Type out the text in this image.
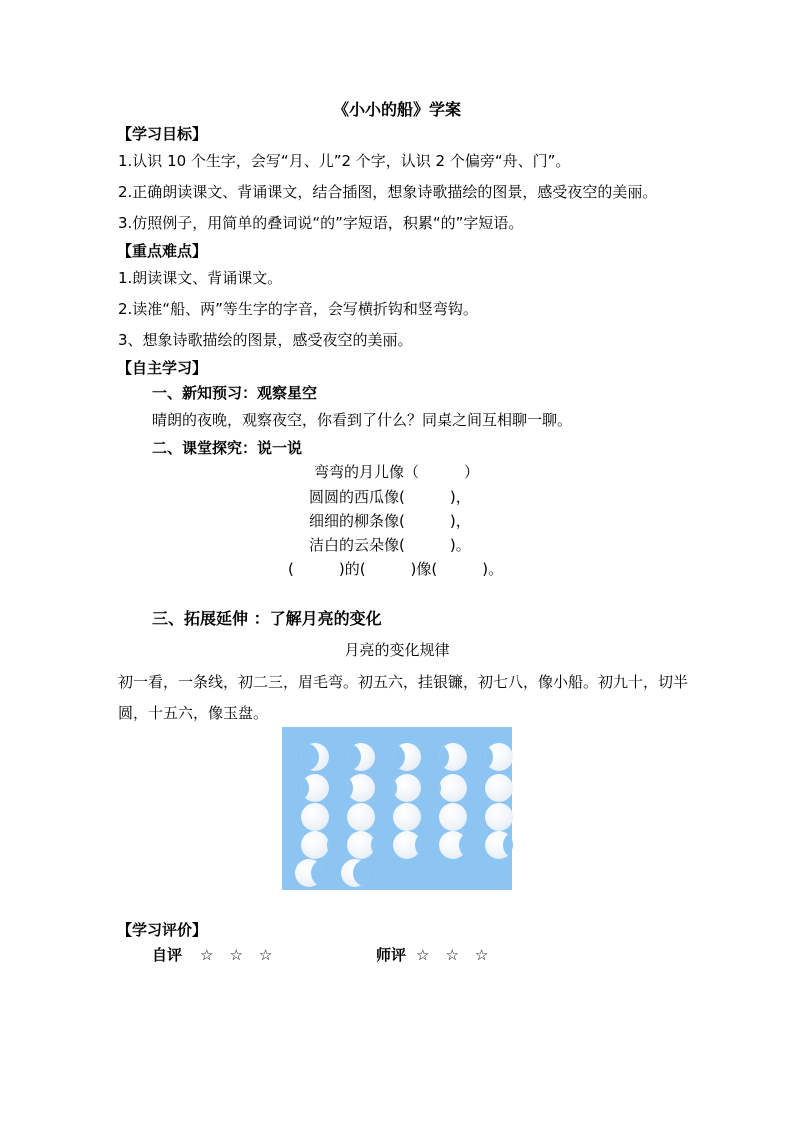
《小小的船》学案
【学习目标】
1.认识 10 个生字，会写“月、儿”2 个字，认识 2 个偏旁“舟、门”。
2.正确朗读课文、背诵课文，结合插图，想象诗歌描绘的图景，感受夜空的美丽。
3.仿照例子，用简单的叠词说“的”字短语，积累“的”字短语。
【重点难点】
1.朗读课文、背诵课文。
2.读准“船、两”等生字的字音，会写横折钩和竖弯钩。
3、想象诗歌描绘的图景，感受夜空的美丽。
【自主学习】
一、新知预习：观察星空
晴朗的夜晚，观察夜空，你看到了什么？同桌之间互相聊一聊。
二、课堂探究：说一说
弯弯的月儿像（　　　）
圆圆的西瓜像(　　　)，
细细的柳条像(　　　)，
洁白的云朵像(　　　)。
(　　　)的(　　　)像(　　　)。
三、拓展延伸 ：了解月亮的变化
月亮的变化规律
初一看，一条线，初二三，眉毛弯。初五六，挂银镰，初七八，像小船。初九十，切半
圆，十五六，像玉盘。
【学习评价】
自评 ☆☆☆	师评 ☆☆☆
